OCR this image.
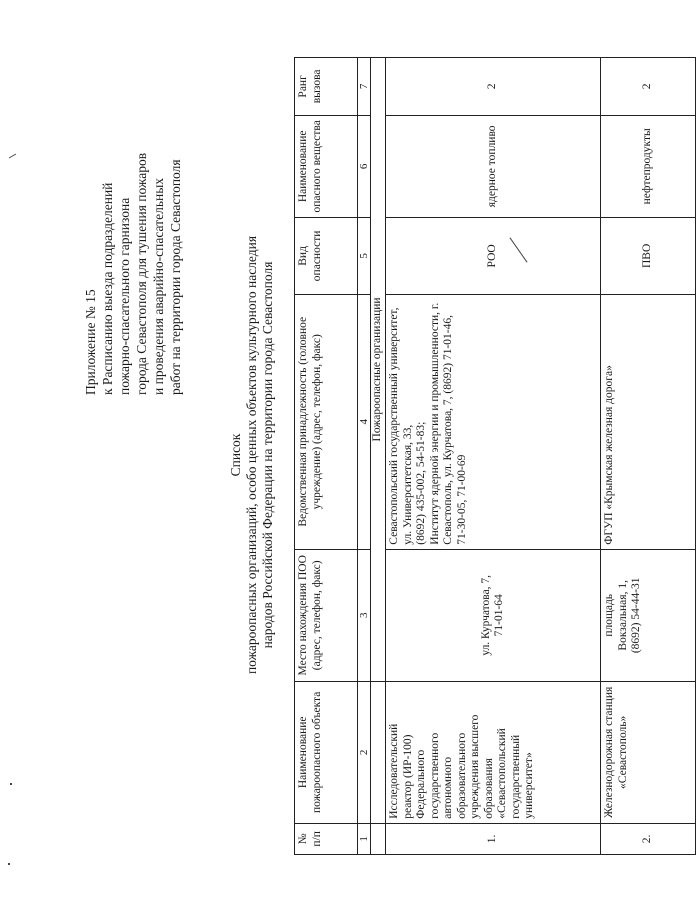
Приложение № 15 к Расписанию выезда подразделений пожарно-спасательного гарнизона города Севастополя для тушения пожаров и проведения аварийно-спасательных работ на территории города Севастополя
Список пожароопасных организаций, особо ценных объектов культурного наследия народов Российской Федерации на территории города Севастополя
№ п/п	Наименование пожароопасного объекта	Место нахождения ПОО (адрес, телефон, факс)	Ведомственная принадлежность (головное учреждение) (адрес, телефон, факс)	Вид опасности	Наименование опасного вещества	Ранг вызова
1	2	3	4	5	6	7
		Пожароопасные организации				
1.	Исследовательский реактор (ИР-100) Федерального государственного автономного образовательного учреждения высшего образования «Севастопольский государственный университет»	ул. Курчатова, 7,
71-01-64	Севастопольский государственный университет,
ул. Университетская, 33,
(8692) 435-002, 54-51-83;
Институт ядерной энергии и промышленности, г. Севастополь, ул. Курчатова, 7, (8692) 71-01-46, 71-30-05, 71-00-69	РОО	ядерное топливо	2
2.	Железнодорожная станция «Севастополь»	площадь
Вокзальная, 1,
(8692) 54-44-31	ФГУП «Крымская железная дорога»	ПВО	нефтепродукты	2
